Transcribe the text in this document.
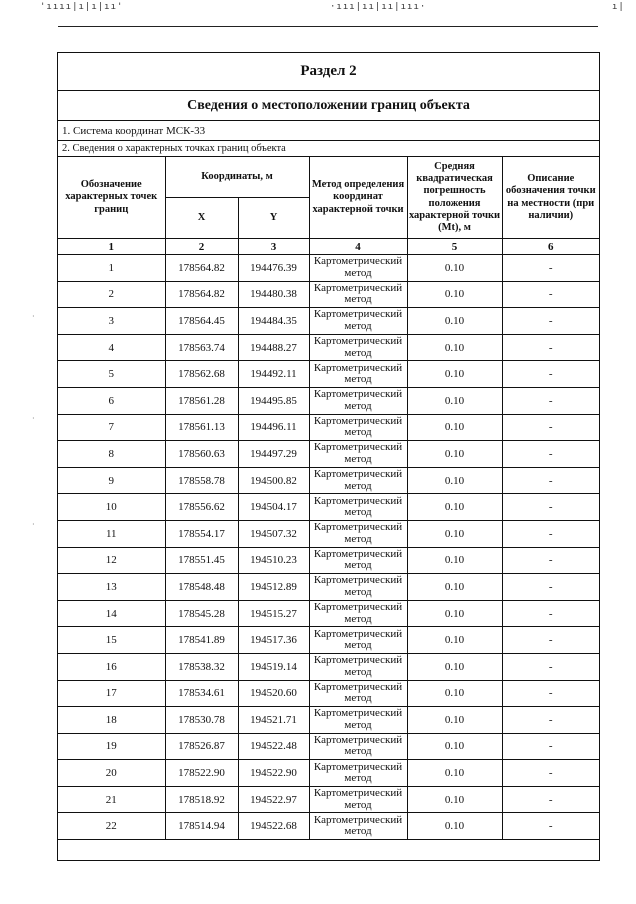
'ıııı|ı|ı|ıı'	·ııı|ıı|ıı|ııı·	ı|
·
·
·
Раздел 2
Сведения о местоположении границ объекта
1. Система координат МСК-33
2. Сведения о характерных точках границ объекта
Обозначение характерных точек границ	Координаты, м		Метод определения координат характерной точки	Средняя квадратическая погрешность положения характерной точки (Mt), м	Описание обозначения точки на местности (при наличии)
	X	Y			
1	2	3	4	5	6
1	178564.82	194476.39	Картометрический метод	0.10	-
2	178564.82	194480.38	Картометрический метод	0.10	-
3	178564.45	194484.35	Картометрический метод	0.10	-
4	178563.74	194488.27	Картометрический метод	0.10	-
5	178562.68	194492.11	Картометрический метод	0.10	-
6	178561.28	194495.85	Картометрический метод	0.10	-
7	178561.13	194496.11	Картометрический метод	0.10	-
8	178560.63	194497.29	Картометрический метод	0.10	-
9	178558.78	194500.82	Картометрический метод	0.10	-
10	178556.62	194504.17	Картометрический метод	0.10	-
11	178554.17	194507.32	Картометрический метод	0.10	-
12	178551.45	194510.23	Картометрический метод	0.10	-
13	178548.48	194512.89	Картометрический метод	0.10	-
14	178545.28	194515.27	Картометрический метод	0.10	-
15	178541.89	194517.36	Картометрический метод	0.10	-
16	178538.32	194519.14	Картометрический метод	0.10	-
17	178534.61	194520.60	Картометрический метод	0.10	-
18	178530.78	194521.71	Картометрический метод	0.10	-
19	178526.87	194522.48	Картометрический метод	0.10	-
20	178522.90	194522.90	Картометрический метод	0.10	-
21	178518.92	194522.97	Картометрический метод	0.10	-
22	178514.94	194522.68	Картометрический метод	0.10	-
